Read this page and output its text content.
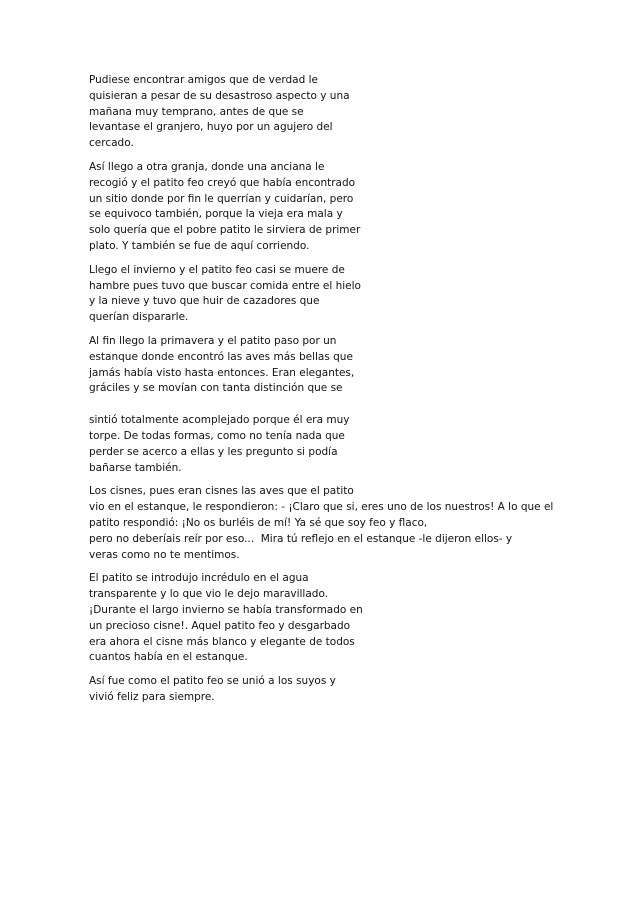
Pudiese encontrar amigos que de verdad le
quisieran a pesar de su desastroso aspecto y una
mañana muy temprano, antes de que se
levantase el granjero, huyo por un agujero del
cercado.
Así llego a otra granja, donde una anciana le
recogió y el patito feo creyó que había encontrado
un sitio donde por fin le querrían y cuidarían, pero
se equivoco también, porque la vieja era mala y
solo quería que el pobre patito le sirviera de primer
plato. Y también se fue de aquí corriendo.
Llego el invierno y el patito feo casi se muere de
hambre pues tuvo que buscar comida entre el hielo
y la nieve y tuvo que huir de cazadores que
querían dispararle.
Al fin llego la primavera y el patito paso por un
estanque donde encontró las aves más bellas que
jamás había visto hasta entonces. Eran elegantes,
gráciles y se movían con tanta distinción que se
sintió totalmente acomplejado porque él era muy
torpe. De todas formas, como no tenía nada que
perder se acerco a ellas y les pregunto si podía
bañarse también.
Los cisnes, pues eran cisnes las aves que el patito
vio en el estanque, le respondieron: - ¡Claro que si, eres uno de los nuestros! A lo que el
patito respondió: ¡No os burléis de mí! Ya sé que soy feo y flaco,
pero no deberíais reír por eso...  Mira tú reflejo en el estanque -le dijeron ellos- y
veras como no te mentimos.
El patito se introdujo incrédulo en el agua
transparente y lo que vio le dejo maravillado.
¡Durante el largo invierno se había transformado en
un precioso cisne!. Aquel patito feo y desgarbado
era ahora el cisne más blanco y elegante de todos
cuantos había en el estanque.
Así fue como el patito feo se unió a los suyos y
vivió feliz para siempre.
